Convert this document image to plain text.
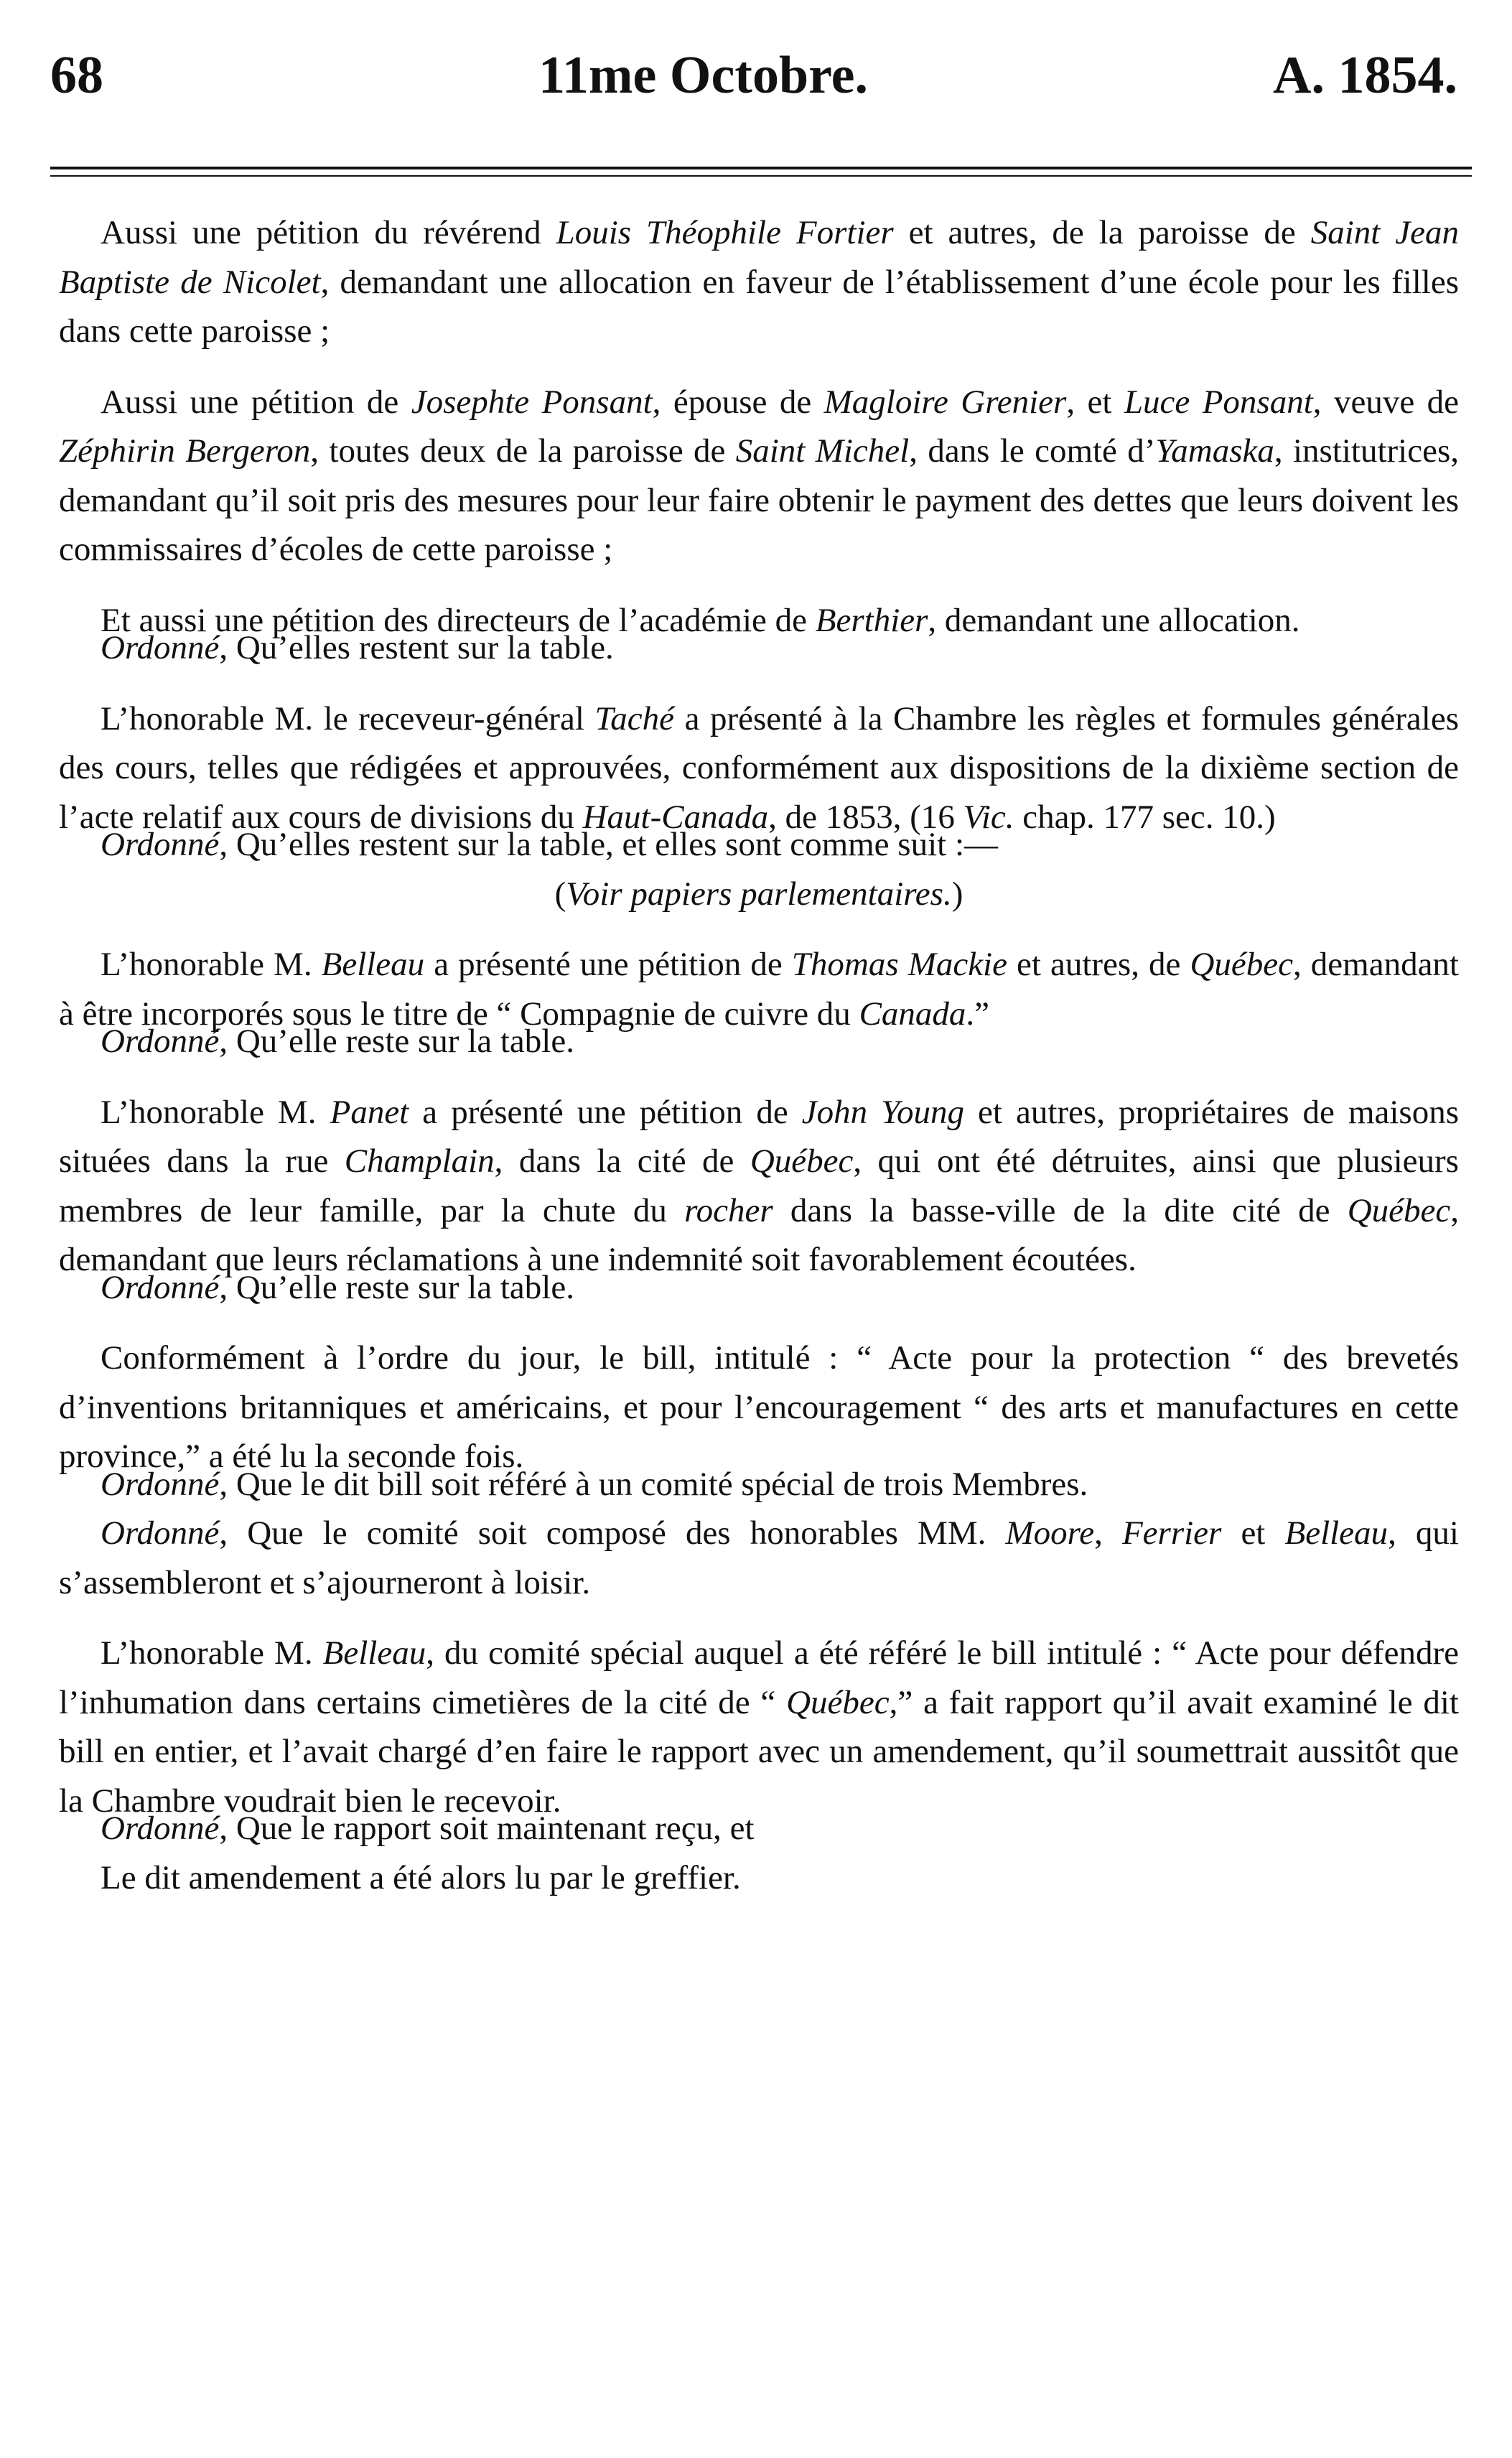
68	11me Octobre.	A. 1854.

Aussi une pétition du révérend Louis Théophile Fortier et autres, de la paroisse de Saint Jean Baptiste de Nicolet, demandant une allocation en faveur de l’établissement d’une école pour les filles dans cette paroisse ;

Aussi une pétition de Josephte Ponsant, épouse de Magloire Grenier, et Luce Ponsant, veuve de Zéphirin Bergeron, toutes deux de la paroisse de Saint Michel, dans le comté d’Yamaska, institutrices, demandant qu’il soit pris des mesures pour leur faire obtenir le payment des dettes que leurs doivent les commissaires d’écoles de cette paroisse ;

Et aussi une pétition des directeurs de l’académie de Berthier, demandant une allocation.

Ordonné, Qu’elles restent sur la table.

L’honorable M. le receveur-général Taché a présenté à la Chambre les règles et formules générales des cours, telles que rédigées et approuvées, conformément aux dispositions de la dixième section de l’acte relatif aux cours de divisions du Haut-Canada, de 1853, (16 Vic. chap. 177 sec. 10.)

Ordonné, Qu’elles restent sur la table, et elles sont comme suit :—

(Voir papiers parlementaires.)

L’honorable M. Belleau a présenté une pétition de Thomas Mackie et autres, de Québec, demandant à être incorporés sous le titre de “ Compagnie de cuivre du Canada.”

Ordonné, Qu’elle reste sur la table.

L’honorable M. Panet a présenté une pétition de John Young et autres, propriétaires de maisons situées dans la rue Champlain, dans la cité de Québec, qui ont été détruites, ainsi que plusieurs membres de leur famille, par la chute du rocher dans la basse-ville de la dite cité de Québec, demandant que leurs réclamations à une indemnité soit favorablement écoutées.

Ordonné, Qu’elle reste sur la table.

Conformément à l’ordre du jour, le bill, intitulé : “ Acte pour la protection “ des brevetés d’inventions britanniques et américains, et pour l’encouragement “ des arts et manufactures en cette province,” a été lu la seconde fois.

Ordonné, Que le dit bill soit référé à un comité spécial de trois Membres.

Ordonné, Que le comité soit composé des honorables MM. Moore, Ferrier et Belleau, qui s’assembleront et s’ajourneront à loisir.

L’honorable M. Belleau, du comité spécial auquel a été référé le bill intitulé : “ Acte pour défendre l’inhumation dans certains cimetières de la cité de “ Québec,” a fait rapport qu’il avait examiné le dit bill en entier, et l’avait chargé d’en faire le rapport avec un amendement, qu’il soumettrait aussitôt que la Chambre voudrait bien le recevoir.

Ordonné, Que le rapport soit maintenant reçu, et

Le dit amendement a été alors lu par le greffier.
